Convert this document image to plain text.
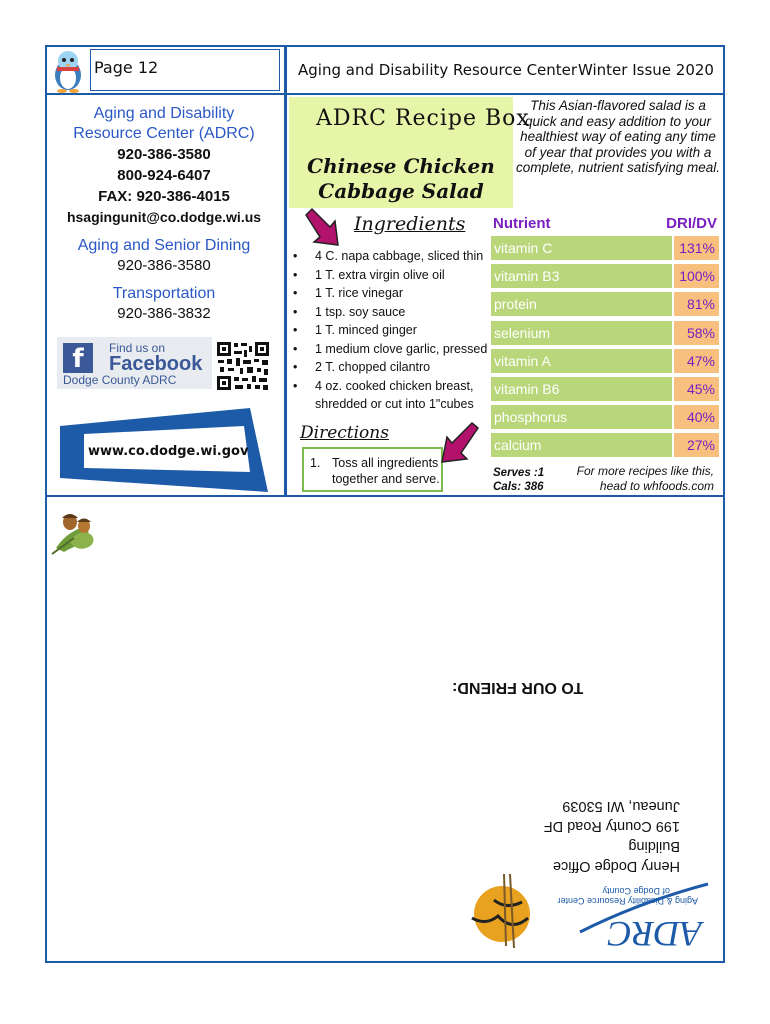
Page 12	Aging and Disability Resource Center Winter Issue 2020
Aging and Disability
Resource Center (ADRC)
920-386-3580
800-924-6407
FAX: 920-386-4015
hsagingunit@co.dodge.wi.us
Aging and Senior Dining
920-386-3580
Transportation
920-386-3832
f	Find us on
Facebook
Dodge County ADRC
www.co.dodge.wi.gov
ADRC Recipe Box
Chinese Chicken
Cabbage Salad
This Asian-flavored salad is a quick and easy addition to your healthiest way of eating any time of year that provides you with a complete, nutrient satisfying meal.
Ingredients
• 4 C. napa cabbage, sliced thin
• 1 T. extra virgin olive oil
• 1 T. rice vinegar
• 1 tsp. soy sauce
• 1 T. minced ginger
• 1 medium clove garlic, pressed
• 2 T. chopped cilantro
• 4 oz. cooked chicken breast, shredded or cut into 1"cubes
Directions
1. Toss all ingredients together and serve.
Nutrient	DRI/DV
vitamin C	131%
vitamin B3	100%
protein	81%
selenium	58%
vitamin A	47%
vitamin B6	45%
phosphorus	40%
calcium	27%
Serves :1
Cals: 386
For more recipes like this,
head to whfoods.com
TO OUR FRIEND:
Henry Dodge Office Building
199 County Road DF
Juneau, WI 53039
ADRC
Aging & Disability Resource Center
of Dodge County
